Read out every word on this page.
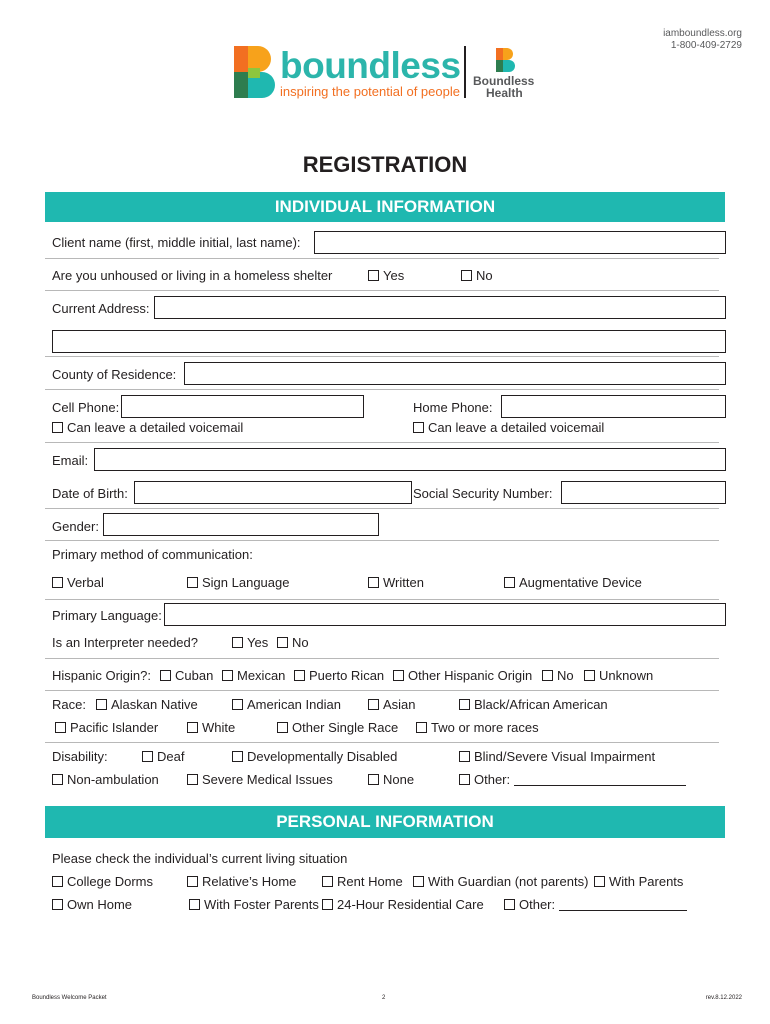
iamboundless.org
1-800-409-2729
boundless
inspiring the potential of people
Boundless
Health
REGISTRATION
INDIVIDUAL INFORMATION
Client name (first, middle initial, last name):
Are you unhoused or living in a homeless shelter	Yes	No
Current Address:
County of Residence:
Cell Phone:	Home Phone:
Can leave a detailed voicemail	Can leave a detailed voicemail
Email:
Date of Birth:	Social Security Number:
Gender:
Primary method of communication:
Verbal	Sign Language	Written	Augmentative Device
Primary Language:
Is an Interpreter needed?	Yes	No
Hispanic Origin?:	Cuban	Mexican	Puerto Rican	Other Hispanic Origin	No	Unknown
Race:	Alaskan Native	American Indian	Asian	Black/African American
Pacific Islander	White	Other Single Race	Two or more races
Disability:	Deaf	Developmentally Disabled	Blind/Severe Visual Impairment
Non-ambulation	Severe Medical Issues	None	Other:
PERSONAL INFORMATION
Please check the individual’s current living situation
College Dorms	Relative’s Home	Rent Home	With Guardian (not parents)	With Parents
Own Home	With Foster Parents	24-Hour Residential Care	Other:
Boundless Welcome Packet	2	rev.8.12.2022
